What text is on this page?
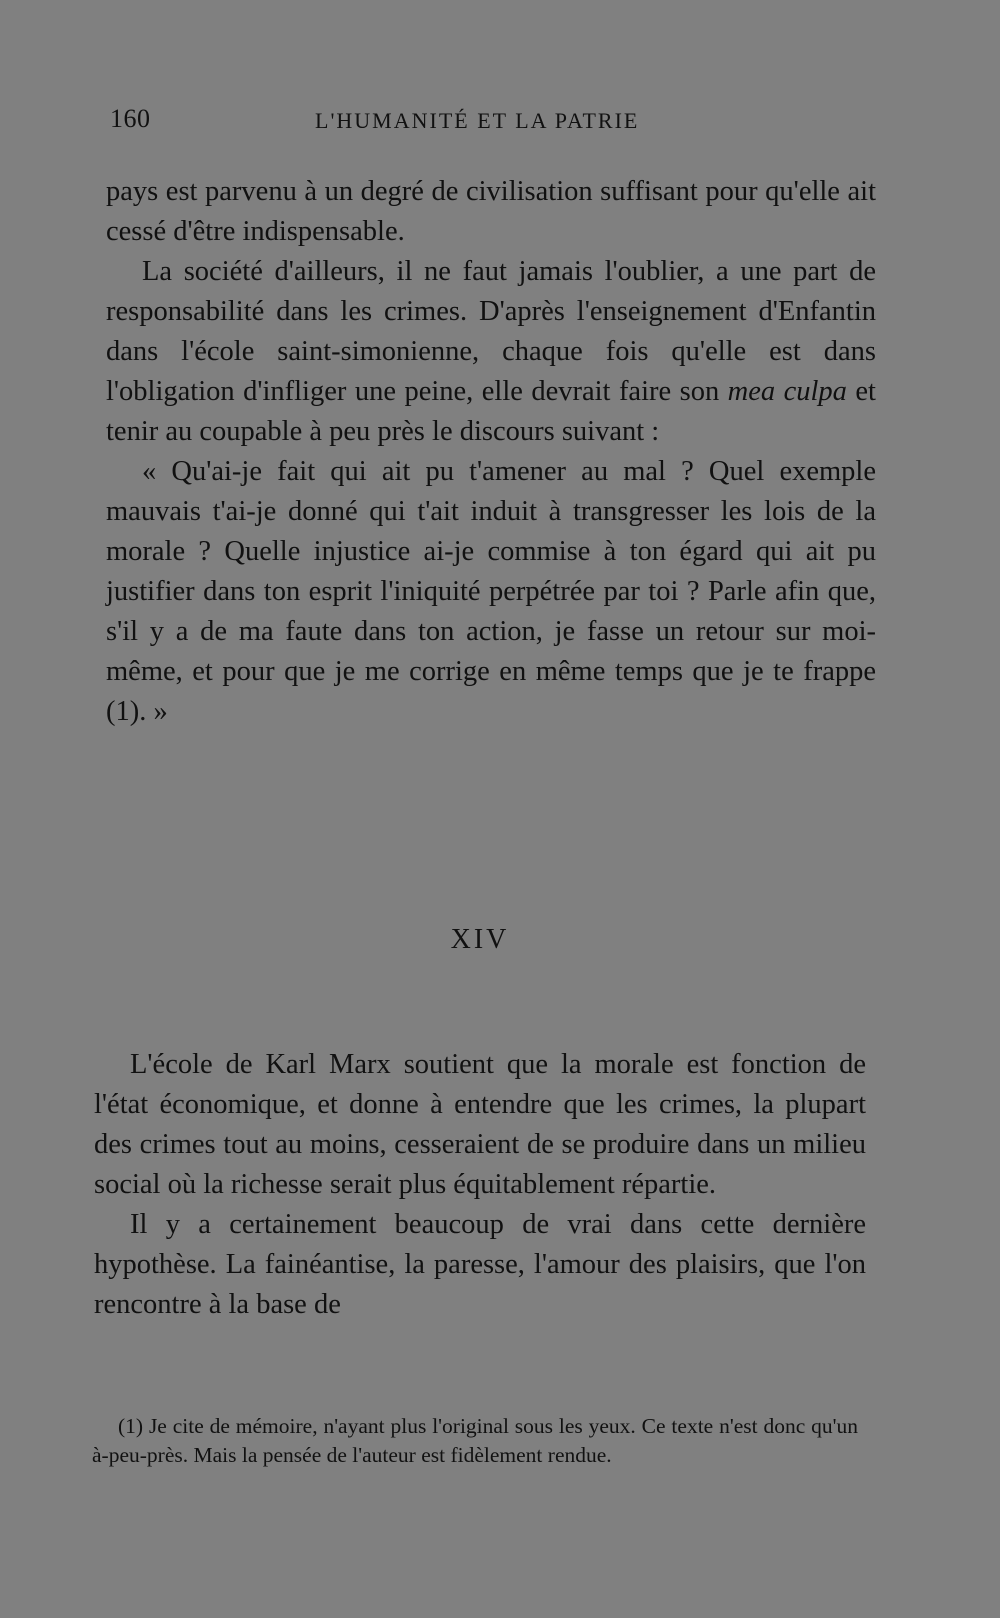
160	L'HUMANITÉ ET LA PATRIE

pays est parvenu à un degré de civilisation suffisant pour qu'elle ait cessé d'être indispensable.

La société d'ailleurs, il ne faut jamais l'oublier, a une part de responsabilité dans les crimes. D'après l'enseignement d'Enfantin dans l'école saint-simonienne, chaque fois qu'elle est dans l'obligation d'infliger une peine, elle devrait faire son mea culpa et tenir au coupable à peu près le discours suivant :

« Qu'ai-je fait qui ait pu t'amener au mal ? Quel exemple mauvais t'ai-je donné qui t'ait induit à transgresser les lois de la morale ? Quelle injustice ai-je commise à ton égard qui ait pu justifier dans ton esprit l'iniquité perpétrée par toi ? Parle afin que, s'il y a de ma faute dans ton action, je fasse un retour sur moi-même, et pour que je me corrige en même temps que je te frappe (1). »

XIV

L'école de Karl Marx soutient que la morale est fonction de l'état économique, et donne à entendre que les crimes, la plupart des crimes tout au moins, cesseraient de se produire dans un milieu social où la richesse serait plus équitablement répartie.

Il y a certainement beaucoup de vrai dans cette dernière hypothèse. La fainéantise, la paresse, l'amour des plaisirs, que l'on rencontre à la base de

(1) Je cite de mémoire, n'ayant plus l'original sous les yeux. Ce texte n'est donc qu'un à-peu-près. Mais la pensée de l'auteur est fidèlement rendue.
